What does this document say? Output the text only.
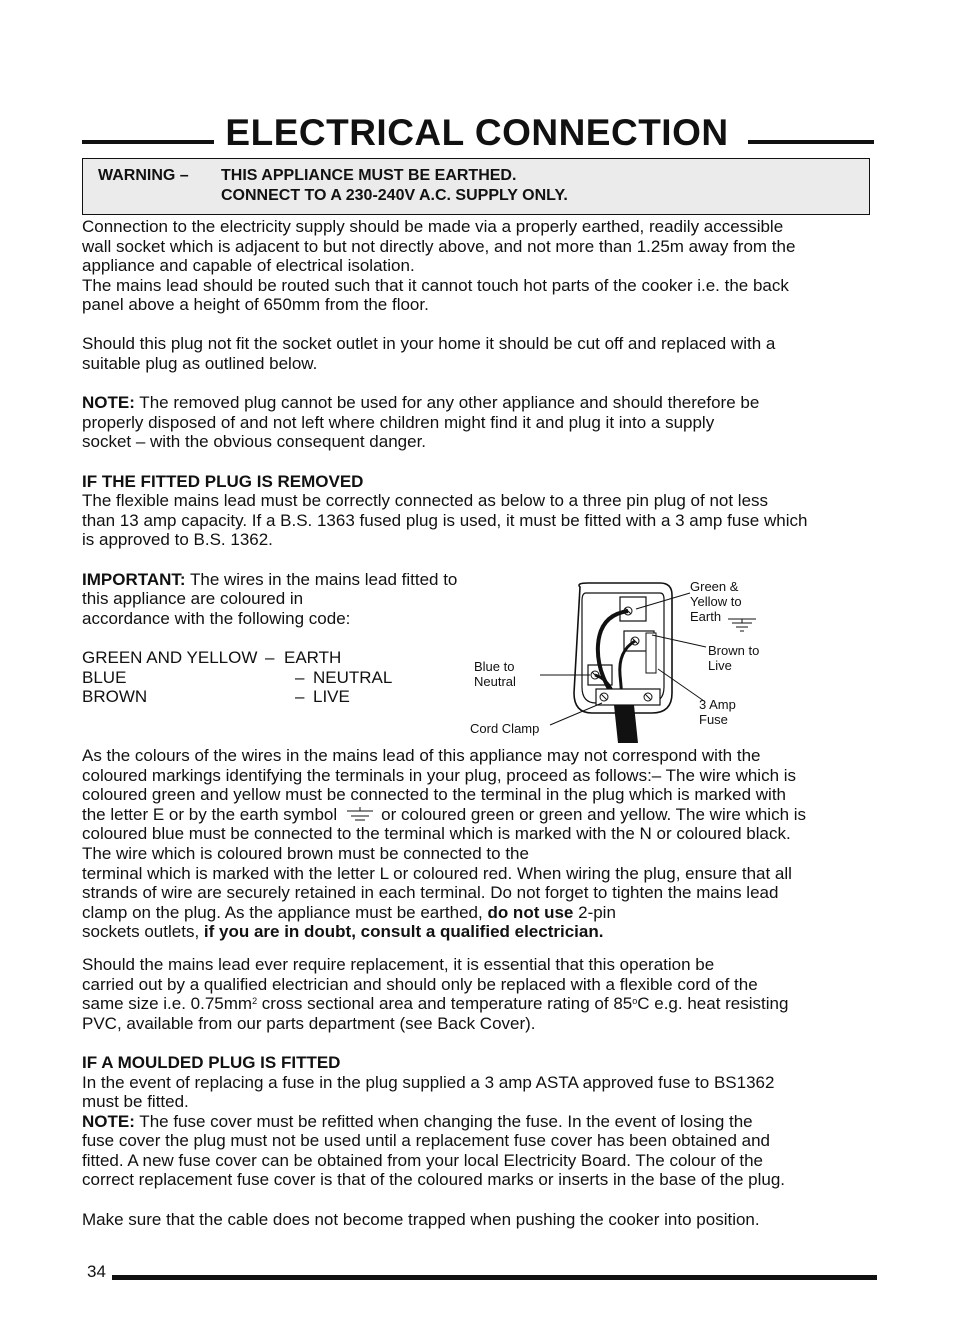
ELECTRICAL CONNECTION
WARNING – THIS APPLIANCE MUST BE EARTHED.
CONNECT TO A 230-240V A.C. SUPPLY ONLY.
Connection to the electricity supply should be made via a properly earthed, readily accessible
wall socket which is adjacent to but not directly above, and not more than 1.25m away from the
appliance and capable of electrical isolation.
The mains lead should be routed such that it cannot touch hot parts of the cooker i.e. the back
panel above a height of 650mm from the floor.
Should this plug not fit the socket outlet in your home it should be cut off and replaced with a
suitable plug as outlined below.
NOTE: The removed plug cannot be used for any other appliance and should therefore be
properly disposed of and not left where children might find it and plug it into a supply
socket – with the obvious consequent danger.
IF THE FITTED PLUG IS REMOVED
The flexible mains lead must be correctly connected as below to a three pin plug of not less
than 13 amp capacity. If a B.S. 1363 fused plug is used, it must be fitted with a 3 amp fuse which
is approved to B.S. 1362.
IMPORTANT: The wires in the mains lead fitted to
this appliance are coloured in
accordance with the following code:
GREEN AND YELLOW – EARTH
BLUE	– NEUTRAL
BROWN	– LIVE
Green &
Yellow to
Earth
Brown to
Live
Blue to
Neutral
3 Amp
Fuse
Cord Clamp
As the colours of the wires in the mains lead of this appliance may not correspond with the
coloured markings identifying the terminals in your plug, proceed as follows:– The wire which is
coloured green and yellow must be connected to the terminal in the plug which is marked with
the letter E or by the earth symbol	or coloured green or green and yellow. The wire which is
coloured blue must be connected to the terminal which is marked with the N or coloured black.
The wire which is coloured brown must be connected to the
terminal which is marked with the letter L or coloured red. When wiring the plug, ensure that all
strands of wire are securely retained in each terminal. Do not forget to tighten the mains lead
clamp on the plug. As the appliance must be earthed, do not use 2-pin
sockets outlets, if you are in doubt, consult a qualified electrician.
Should the mains lead ever require replacement, it is essential that this operation be
carried out by a qualified electrician and should only be replaced with a flexible cord of the
same size i.e. $0.75mm^2$ cross sectional area and temperature rating of 85$^o$C e.g. heat resisting
PVC, available from our parts department (see Back Cover).
IF A MOULDED PLUG IS FITTED
In the event of replacing a fuse in the plug supplied a 3 amp ASTA approved fuse to BS1362
must be fitted.
NOTE: The fuse cover must be refitted when changing the fuse. In the event of losing the
fuse cover the plug must not be used until a replacement fuse cover has been obtained and
fitted. A new fuse cover can be obtained from your local Electricity Board. The colour of the
correct replacement fuse cover is that of the coloured marks or inserts in the base of the plug.
Make sure that the cable does not become trapped when pushing the cooker into position.
34
